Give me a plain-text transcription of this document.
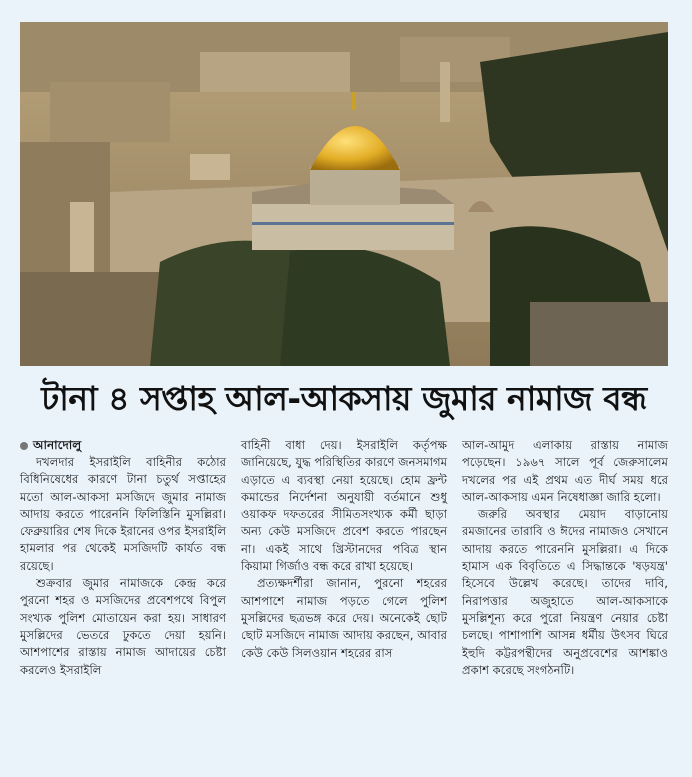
টানা ৪ সপ্তাহ আল-আকসায় জুমার নামাজ বন্ধ
আনাদোলু

দখলদার ইসরাইলি বাহিনীর কঠোর বিধিনিষেধের কারণে টানা চতুর্থ সপ্তাহের মতো আল-আকসা মসজিদে জুমার নামাজ আদায় করতে পারেননি ফিলিস্তিনি মুসল্লিরা। ফেব্রুয়ারির শেষ দিকে ইরানের ওপর ইসরাইলি হামলার পর থেকেই মসজিদটি কার্যত বন্ধ রয়েছে।

শুক্রবার জুমার নামাজকে কেন্দ্র করে পুরনো শহর ও মসজিদের প্রবেশপথে বিপুল সংখ্যক পুলিশ মোতায়েন করা হয়। সাধারণ মুসল্লিদের ভেতরে ঢুকতে দেয়া হয়নি। আশপাশের রাস্তায় নামাজ আদায়ের চেষ্টা করলেও ইসরাইলি

বাহিনী বাধা দেয়। ইসরাইলি কর্তৃপক্ষ জানিয়েছে, যুদ্ধ পরিস্থিতির কারণে জনসমাগম এড়াতে এ ব্যবস্থা নেয়া হয়েছে। হোম ফ্রন্ট কমান্ডের নির্দেশনা অনুযায়ী বর্তমানে শুধু ওয়াকফ দফতরের সীমিতসংখ্যক কর্মী ছাড়া অন্য কেউ মসজিদে প্রবেশ করতে পারছেন না। একই সাথে খ্রিস্টানদের পবিত্র স্থান কিয়ামা গির্জাও বন্ধ করে রাখা হয়েছে।

প্রত্যক্ষদর্শীরা জানান, পুরনো শহরের আশপাশে নামাজ পড়তে গেলে পুলিশ মুসল্লিদের ছত্রভঙ্গ করে দেয়। অনেকেই ছোট ছোট মসজিদে নামাজ আদায় করছেন, আবার কেউ কেউ সিলওয়ান শহরের রাস

আল-আমুদ এলাকায় রাস্তায় নামাজ পড়েছেন। ১৯৬৭ সালে পূর্ব জেরুসালেম দখলের পর এই প্রথম এত দীর্ঘ সময় ধরে আল-আকসায় এমন নিষেধাজ্ঞা জারি হলো।

জরুরি অবস্থার মেয়াদ বাড়ানোয় রমজানের তারাবি ও ঈদের নামাজও সেখানে আদায় করতে পারেননি মুসল্লিরা। এ দিকে হামাস এক বিবৃতিতে এ সিদ্ধান্তকে 'ষড়যন্ত্র' হিসেবে উল্লেখ করেছে। তাদের দাবি, নিরাপত্তার অজুহাতে আল-আকসাকে মুসল্লিশূন্য করে পুরো নিয়ন্ত্রণ নেয়ার চেষ্টা চলছে। পাশাপাশি আসন্ন ধর্মীয় উৎসব ঘিরে ইহুদি কট্টরপন্থীদের অনুপ্রবেশের আশঙ্কাও প্রকাশ করেছে সংগঠনটি।
